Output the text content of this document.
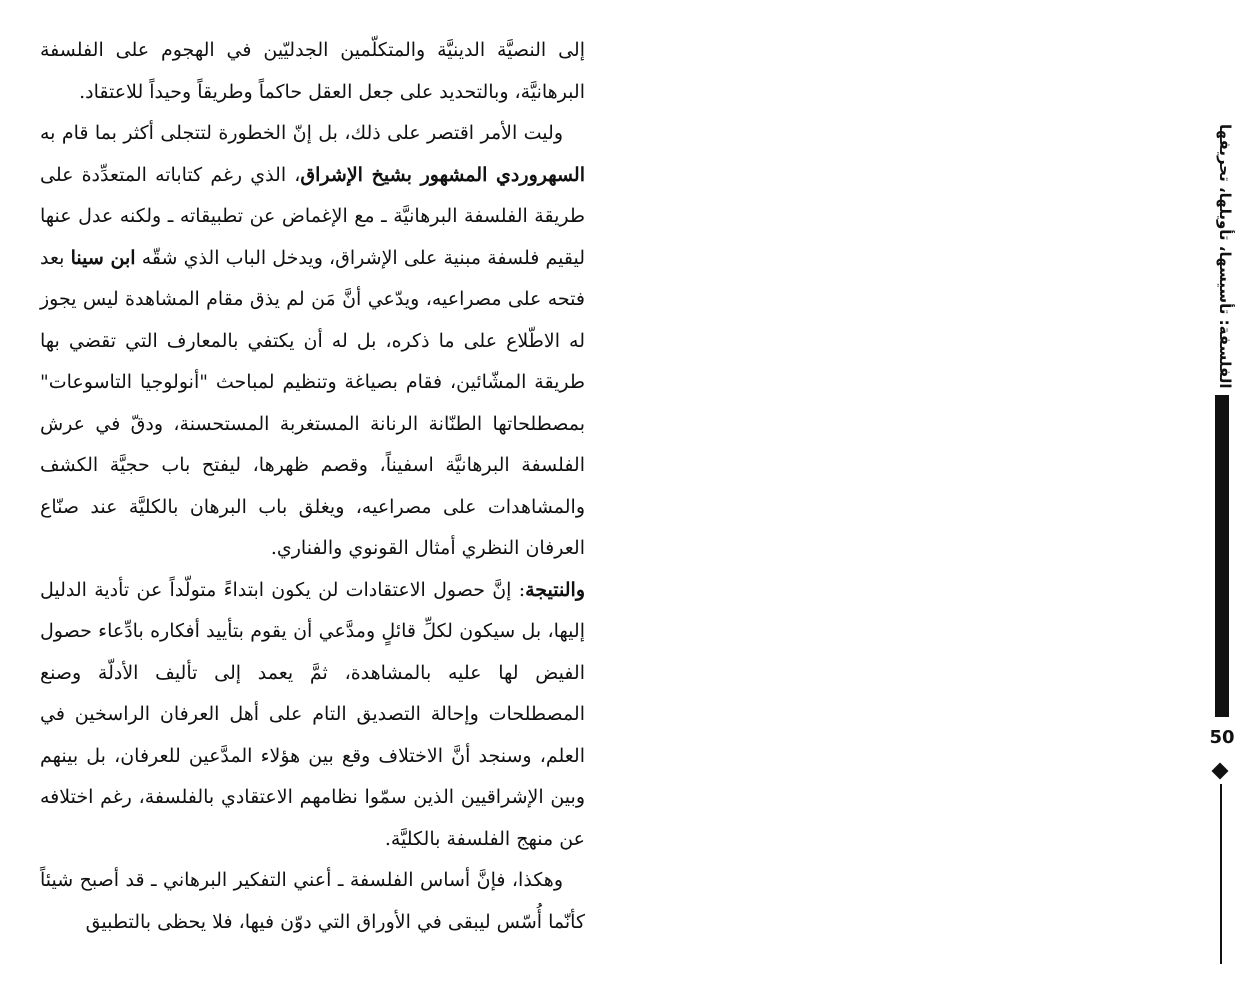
إلى النصيَّة الدينيَّة والمتكلّمين الجدليّين في الهجوم على الفلسفة البرهانيَّة، وبالتحديد على جعل العقل حاكماً وطريقاً وحيداً للاعتقاد.

وليت الأمر اقتصر على ذلك، بل إنّ الخطورة لتتجلى أكثر بما قام به السهروردي المشهور بشيخ الإشراق، الذي رغم كتاباته المتعدِّدة على طريقة الفلسفة البرهانيَّة ـ مع الإغماض عن تطبيقاته ـ ولكنه عدل عنها ليقيم فلسفة مبنية على الإشراق، ويدخل الباب الذي شقّه ابن سينا بعد فتحه على مصراعيه، ويدّعي أنَّ مَن لم يذق مقام المشاهدة ليس يجوز له الاطّلاع على ما ذكره، بل له أن يكتفي بالمعارف التي تقضي بها طريقة المشّائين، فقام بصياغة وتنظيم لمباحث "أنولوجيا التاسوعات" بمصطلحاتها الطنّانة الرنانة المستغربة المستحسنة، ودقّ في عرش الفلسفة البرهانيَّة اسفيناً، وقصم ظهرها، ليفتح باب حجيَّة الكشف والمشاهدات على مصراعيه، ويغلق باب البرهان بالكليَّة عند صنّاع العرفان النظري أمثال القونوي والفناري.

والنتيجة: إنَّ حصول الاعتقادات لن يكون ابتداءً متولّداً عن تأدية الدليل إليها، بل سيكون لكلِّ قائلٍ ومدَّعي أن يقوم بتأييد أفكاره بادِّعاء حصول الفيض لها عليه بالمشاهدة، ثمَّ يعمد إلى تأليف الأدلّة وصنع المصطلحات وإحالة التصديق التام على أهل العرفان الراسخين في العلم، وسنجد أنَّ الاختلاف وقع بين هؤلاء المدَّعين للعرفان، بل بينهم وبين الإشراقيين الذين سمّوا نظامهم الاعتقادي بالفلسفة، رغم اختلافه عن منهج الفلسفة بالكليَّة.

وهكذا، فإنَّ أساس الفلسفة ـ أعني التفكير البرهاني ـ قد أصبح شيئاً كأنّما أُسّس ليبقى في الأوراق التي دوّن فيها، فلا يحظى بالتطبيق

الفلسفة: تأسيسها، تأويلها، تحريفها
50
